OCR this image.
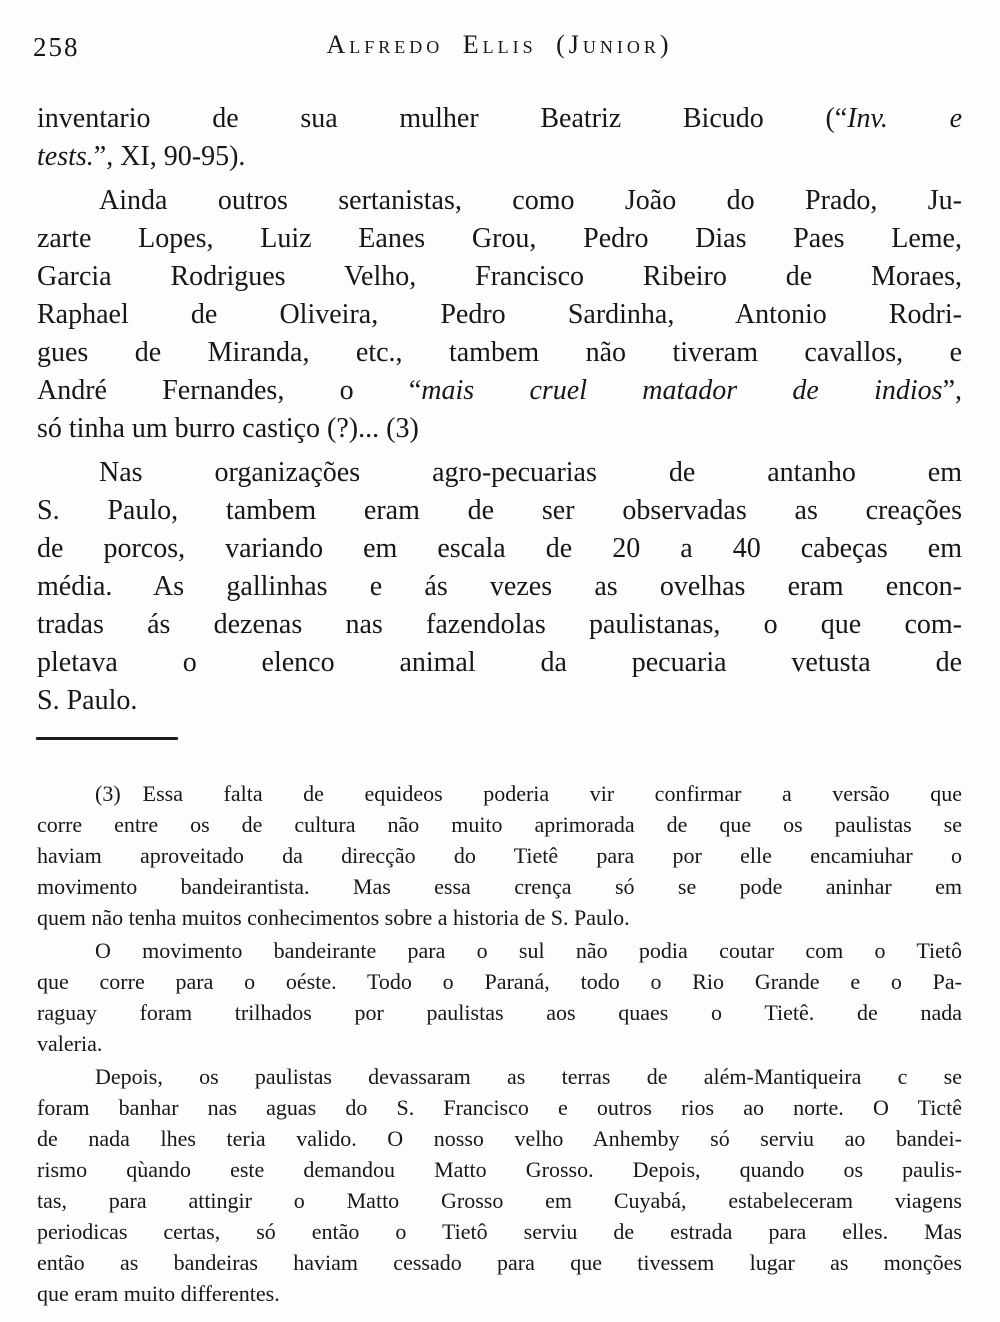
258	Alfredo Ellis (Junior)
inventario de sua mulher Beatriz Bicudo (“Inv. e
tests.”, XI, 90-95).
Ainda outros sertanistas, como João do Prado, Ju-
zarte Lopes, Luiz Eanes Grou, Pedro Dias Paes Leme,
Garcia Rodrigues Velho, Francisco Ribeiro de Moraes,
Raphael de Oliveira, Pedro Sardinha, Antonio Rodri-
gues de Miranda, etc., tambem não tiveram cavallos, e
André Fernandes, o “mais cruel matador de indios”,
só tinha um burro castiço (?)... (3)
Nas organizações agro-pecuarias de antanho em
S. Paulo, tambem eram de ser observadas as creações
de porcos, variando em escala de 20 a 40 cabeças em
média. As gallinhas e ás vezes as ovelhas eram encon-
tradas ás dezenas nas fazendolas paulistanas, o que com-
pletava o elenco animal da pecuaria vetusta de
S. Paulo.
(3) Essa falta de equideos poderia vir confirmar a versão que
corre entre os de cultura não muito aprimorada de que os paulistas se
haviam aproveitado da direcção do Tietê para por elle encamiuhar o
movimento bandeirantista. Mas essa crença só se pode aninhar em
quem não tenha muitos conhecimentos sobre a historia de S. Paulo.
O movimento bandeirante para o sul não podia coutar com o Tietô
que corre para o oéste. Todo o Paraná, todo o Rio Grande e o Pa-
raguay foram trilhados por paulistas aos quaes o Tietê. de nada
valeria.
Depois, os paulistas devassaram as terras de além-Mantiqueira c se
foram banhar nas aguas do S. Francisco e outros rios ao norte. O Tictê
de nada lhes teria valido. O nosso velho Anhemby só serviu ao bandei-
rismo qùando este demandou Matto Grosso. Depois, quando os paulis-
tas, para attingir o Matto Grosso em Cuyabá, estabeleceram viagens
periodicas certas, só então o Tietô serviu de estrada para elles. Mas
então as bandeiras haviam cessado para que tivessem lugar as monções
que eram muito differentes.
